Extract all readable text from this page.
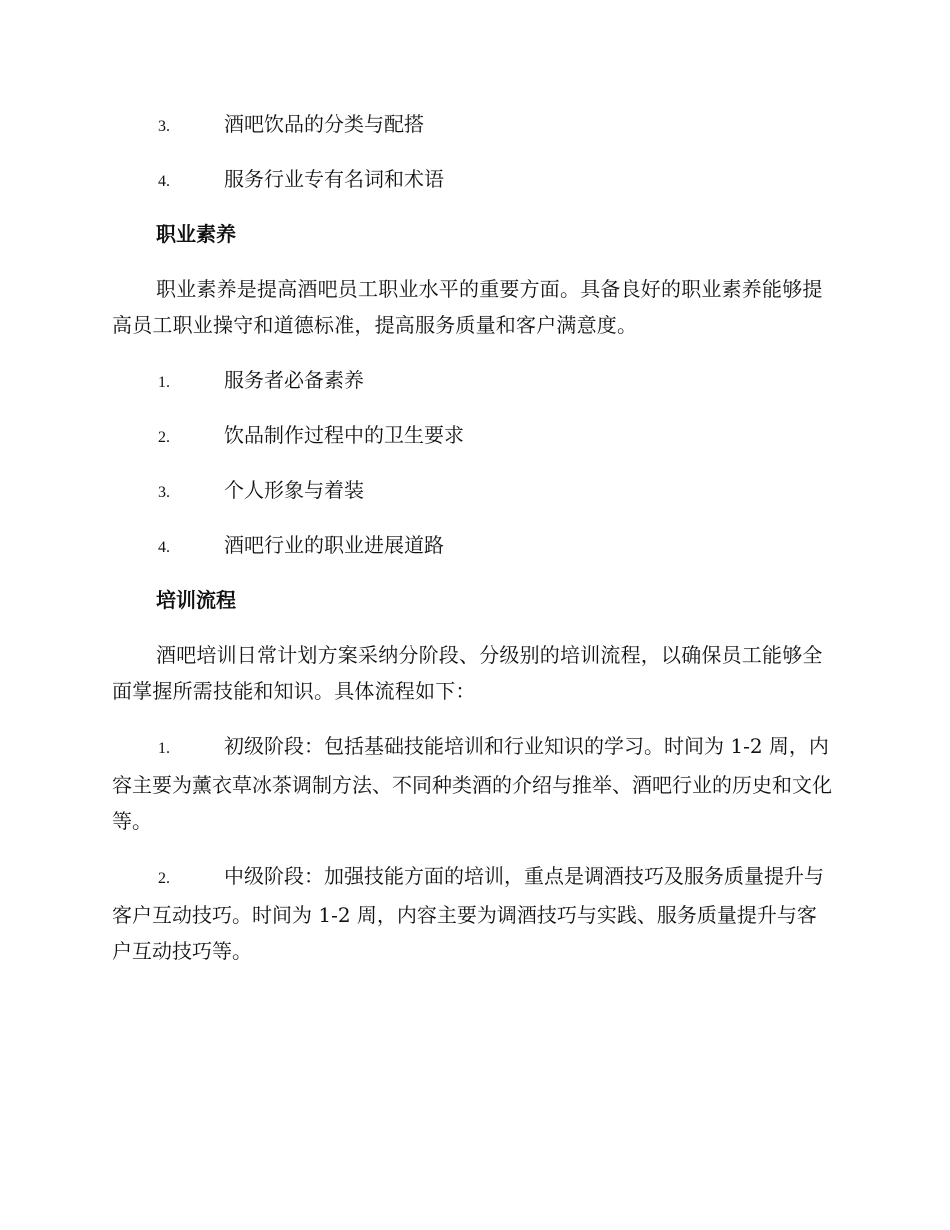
3.	酒吧饮品的分类与配搭

4.	服务行业专有名词和术语

职业素养

职业素养是提高酒吧员工职业水平的重要方面。具备良好的职业素养能够提高员工职业操守和道德标准，提高服务质量和客户满意度。

1.	服务者必备素养

2.	饮品制作过程中的卫生要求

3.	个人形象与着装

4.	酒吧行业的职业进展道路

培训流程

酒吧培训日常计划方案采纳分阶段、分级别的培训流程，以确保员工能够全面掌握所需技能和知识。具体流程如下：

1.	初级阶段：包括基础技能培训和行业知识的学习。时间为 1-2 周，内容主要为薰衣草冰茶调制方法、不同种类酒的介绍与推举、酒吧行业的历史和文化等。

2.	中级阶段：加强技能方面的培训，重点是调酒技巧及服务质量提升与客户互动技巧。时间为 1-2 周，内容主要为调酒技巧与实践、服务质量提升与客户互动技巧等。
